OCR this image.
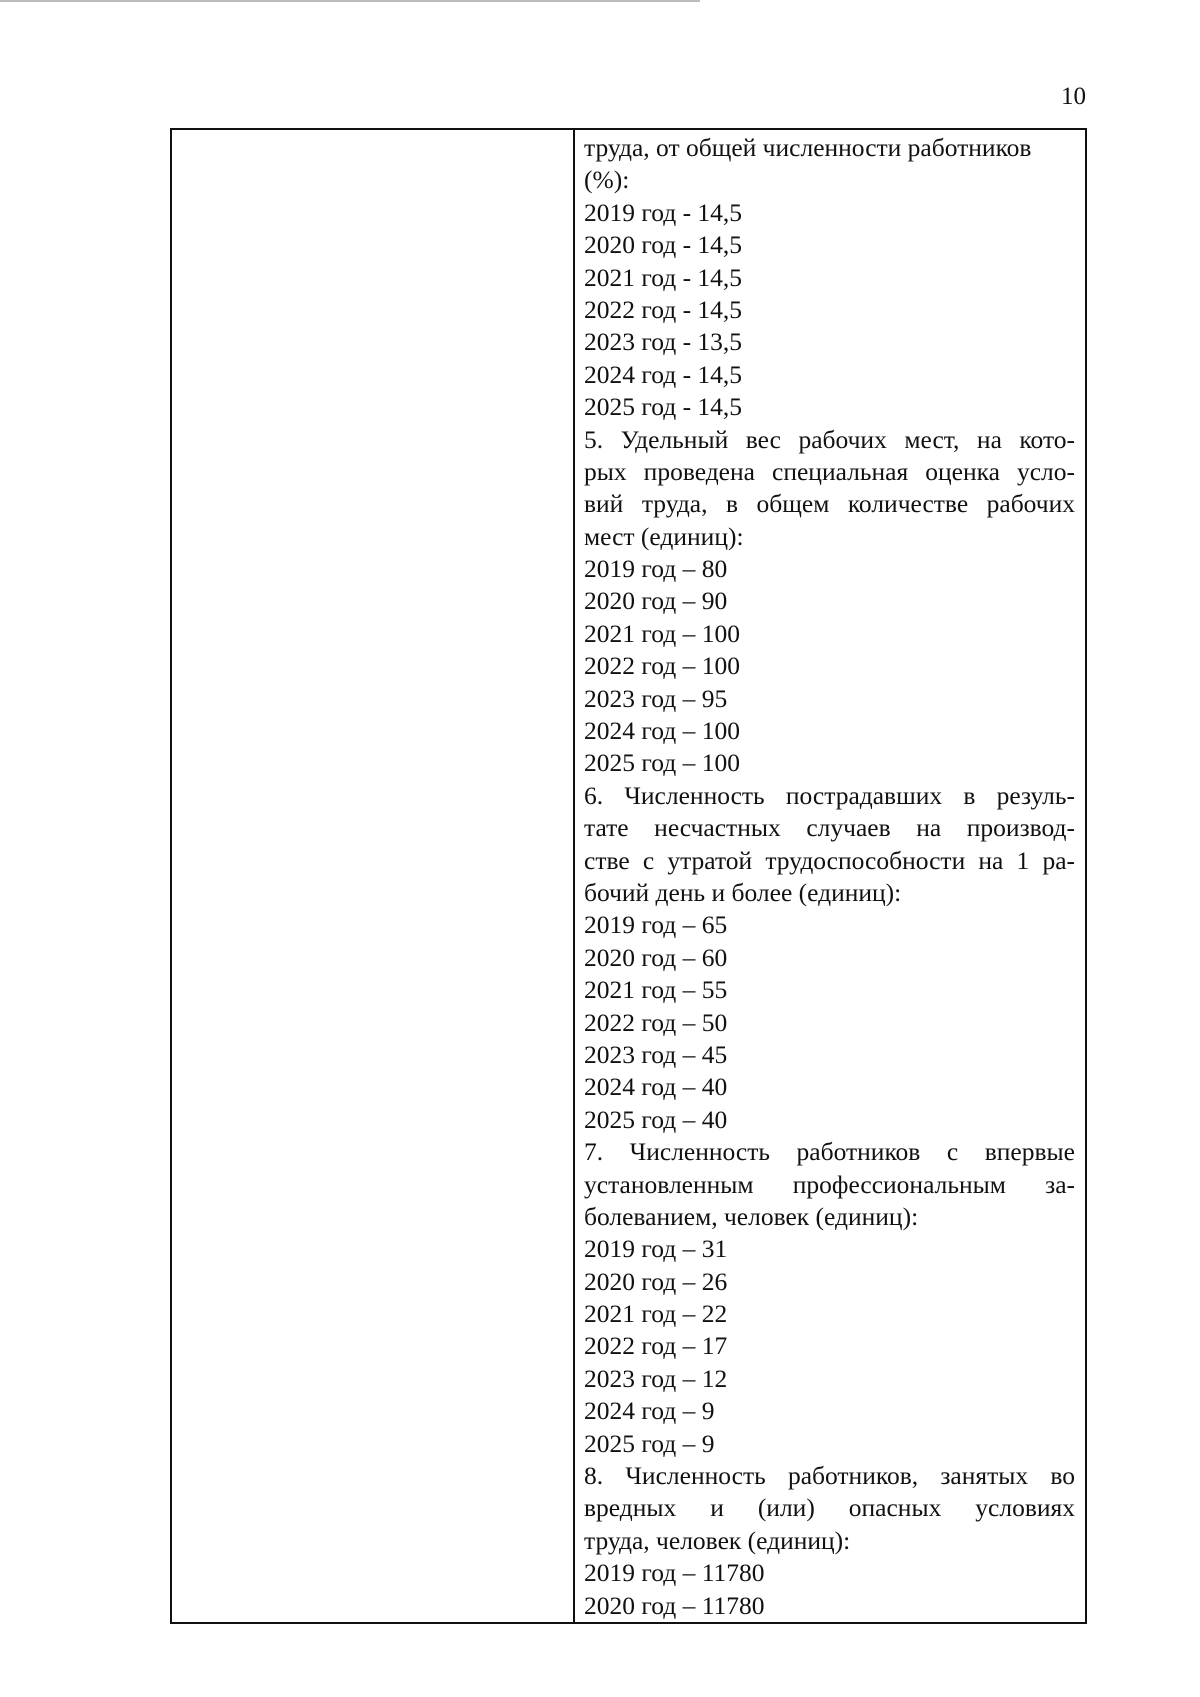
10
труда, от общей численности работников
(%):
2019 год - 14,5
2020 год - 14,5
2021 год - 14,5
2022 год - 14,5
2023 год - 13,5
2024 год - 14,5
2025 год - 14,5
5. Удельный вес рабочих мест, на кото-
рых проведена специальная оценка усло-
вий труда, в общем количестве рабочих
мест (единиц):
2019 год – 80
2020 год – 90
2021 год – 100
2022 год – 100
2023 год – 95
2024 год – 100
2025 год – 100
6. Численность пострадавших в резуль-
тате несчастных случаев на производ-
стве с утратой трудоспособности на 1 ра-
бочий день и более (единиц):
2019 год – 65
2020 год – 60
2021 год – 55
2022 год – 50
2023 год – 45
2024 год – 40
2025 год – 40
7. Численность работников с впервые
установленным профессиональным за-
болеванием, человек (единиц):
2019 год – 31
2020 год – 26
2021 год – 22
2022 год – 17
2023 год – 12
2024 год – 9
2025 год – 9
8. Численность работников, занятых во
вредных и (или) опасных условиях
труда, человек (единиц):
2019 год – 11780
2020 год – 11780
